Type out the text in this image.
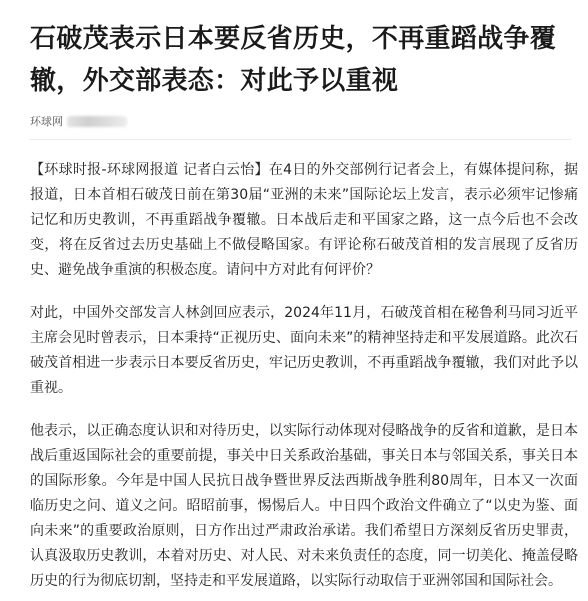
石破茂表示日本要反省历史，不再重蹈战争覆辙，外交部表态：对此予以重视
环球网

【环球时报-环球网报道 记者白云怡】在4日的外交部例行记者会上，有媒体提问称，据报道，日本首相石破茂日前在第30届“亚洲的未来”国际论坛上发言，表示必须牢记惨痛记忆和历史教训，不再重蹈战争覆辙。日本战后走和平国家之路，这一点今后也不会改变，将在反省过去历史基础上不做侵略国家。有评论称石破茂首相的发言展现了反省历史、避免战争重演的积极态度。请问中方对此有何评价？

对此，中国外交部发言人林剑回应表示，2024年11月，石破茂首相在秘鲁利马同习近平主席会见时曾表示，日本秉持“正视历史、面向未来”的精神坚持走和平发展道路。此次石破茂首相进一步表示日本要反省历史，牢记历史教训，不再重蹈战争覆辙，我们对此予以重视。

他表示，以正确态度认识和对待历史，以实际行动体现对侵略战争的反省和道歉，是日本战后重返国际社会的重要前提，事关中日关系政治基础，事关日本与邻国关系，事关日本的国际形象。今年是中国人民抗日战争暨世界反法西斯战争胜利80周年，日本又一次面临历史之问、道义之问。昭昭前事，惕惕后人。中日四个政治文件确立了“以史为鉴、面向未来”的重要政治原则，日方作出过严肃政治承诺。我们希望日方深刻反省历史罪责，认真汲取历史教训，本着对历史、对人民、对未来负责任的态度，同一切美化、掩盖侵略历史的行为彻底切割，坚持走和平发展道路，以实际行动取信于亚洲邻国和国际社会。
